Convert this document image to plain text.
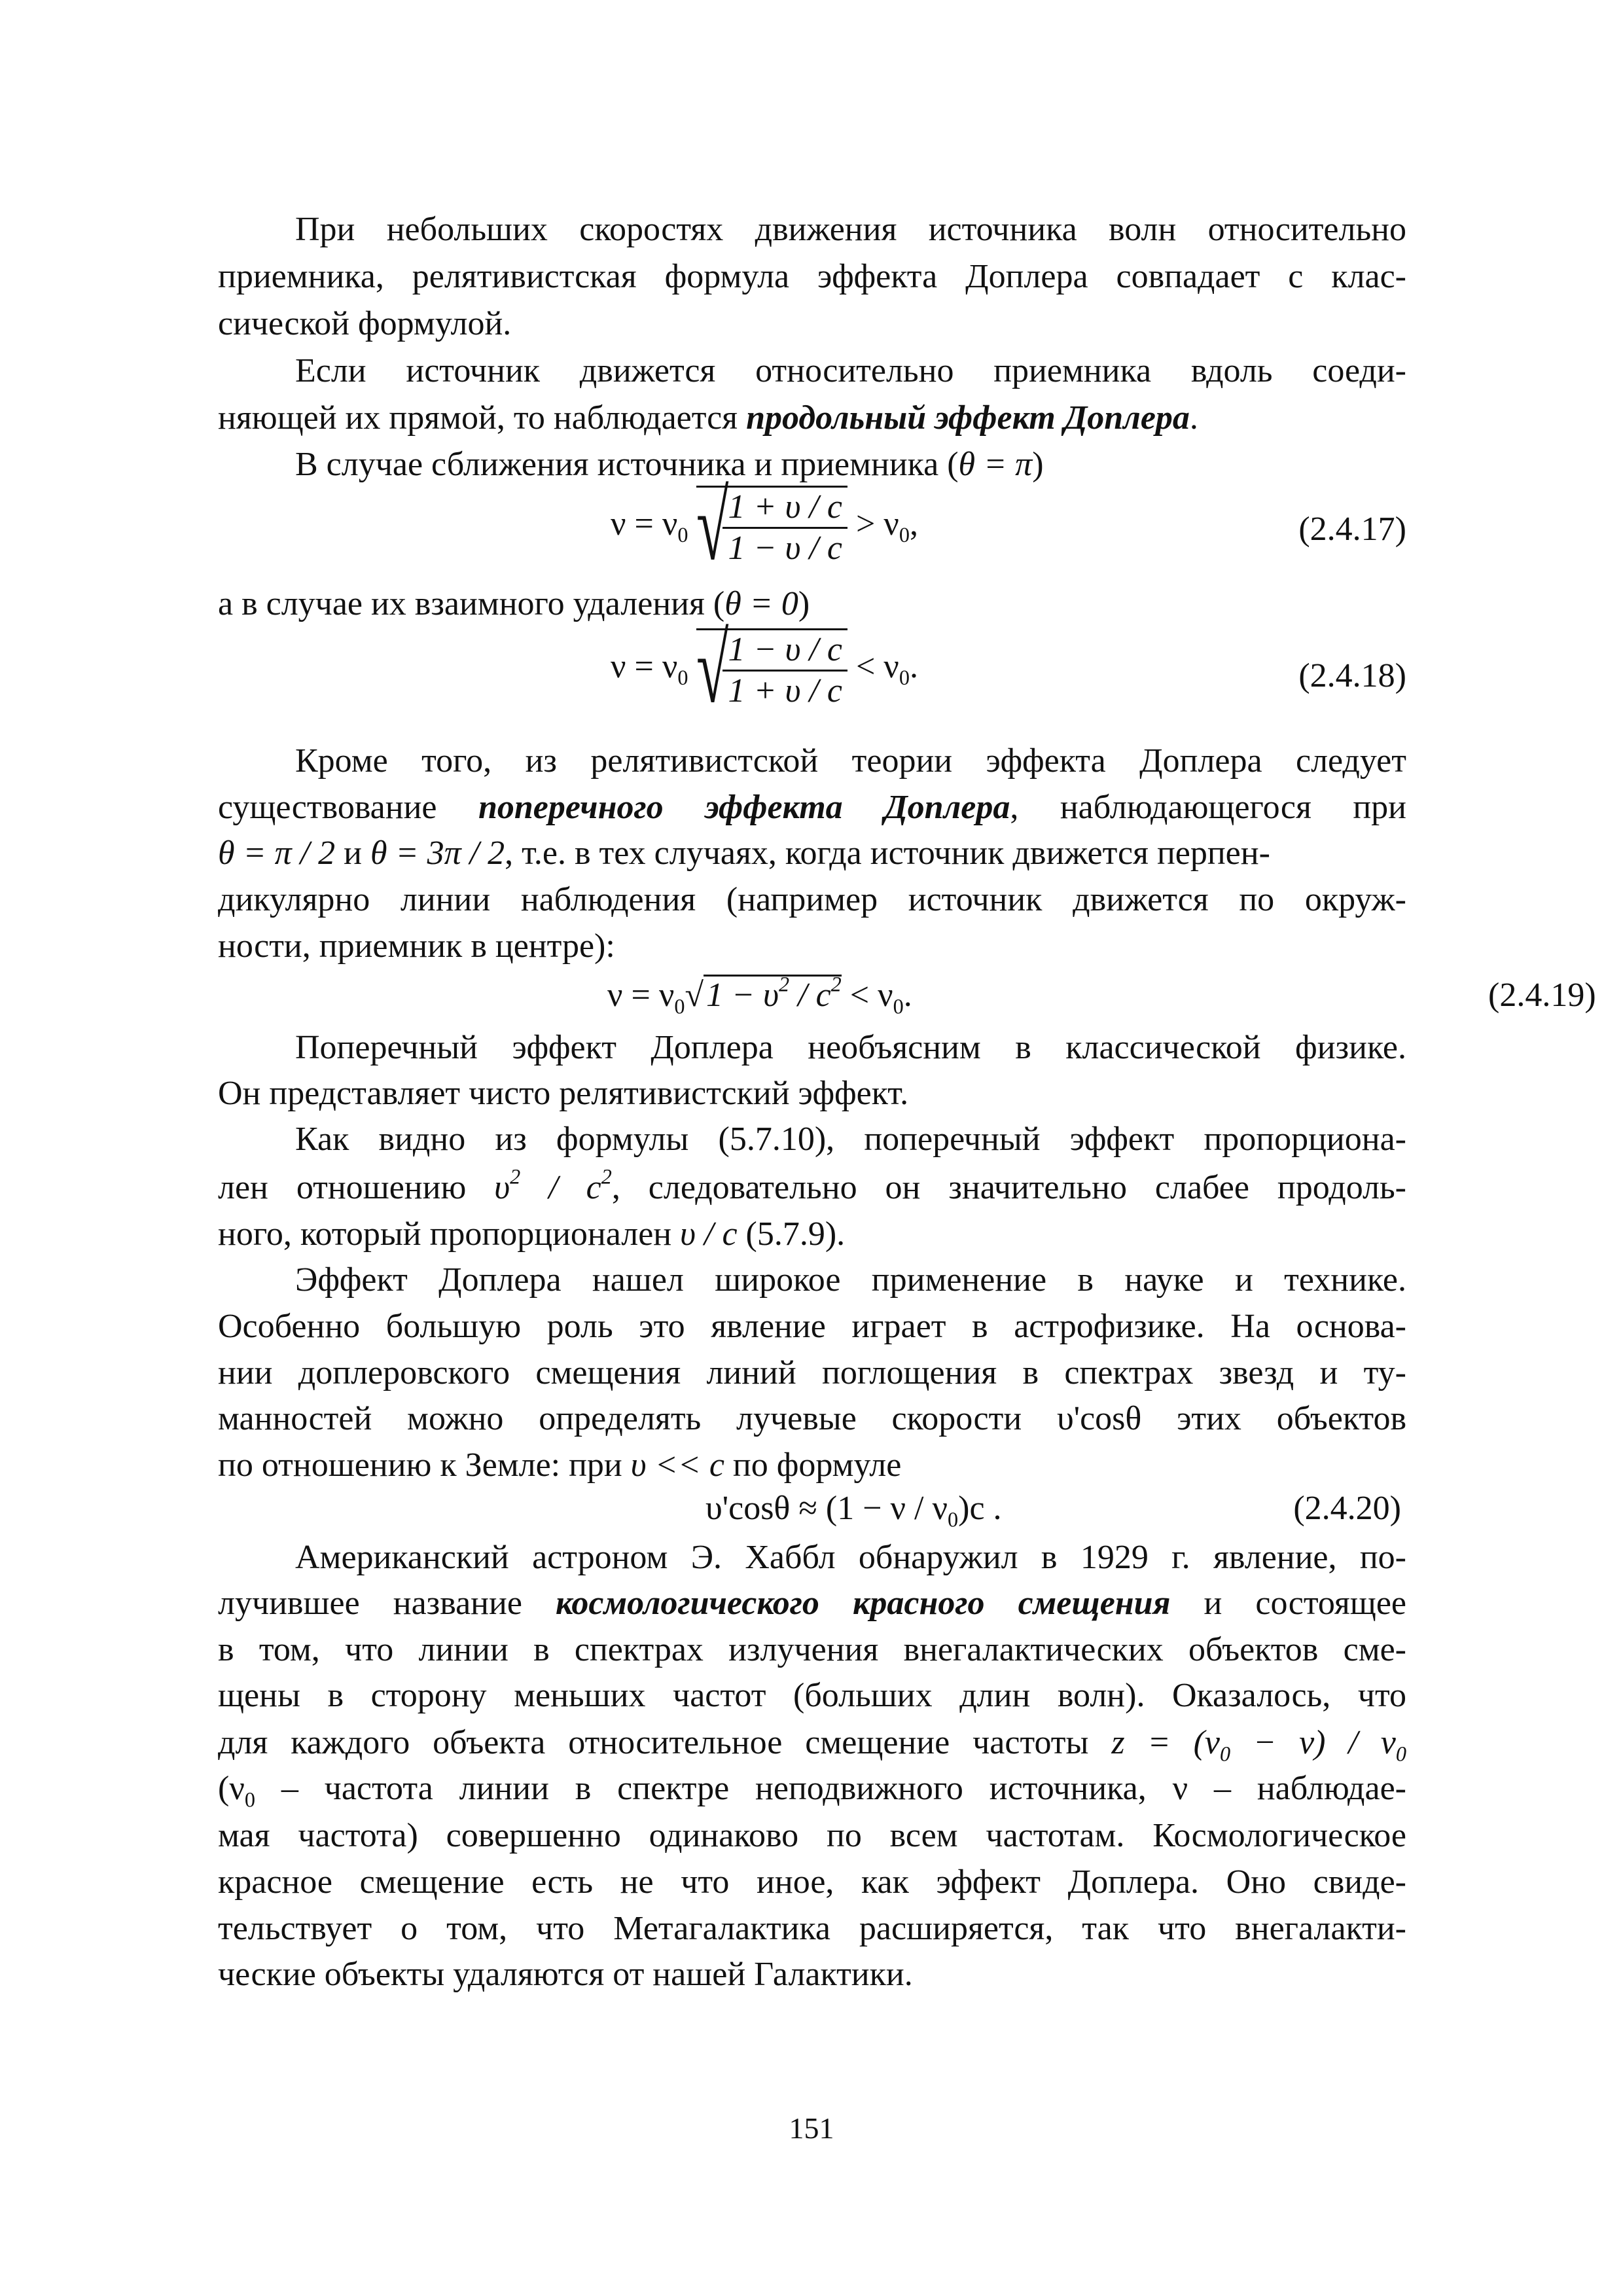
При небольших скоростях движения источника волн относительно
приемника, релятивистская формула эффекта Доплера совпадает с клас-
сической формулой.
Если источник движется относительно приемника вдоль соеди-
няющей их прямой, то наблюдается продольный эффект Доплера.
В случае сближения источника и приемника (θ = π)
$\nu = \nu_0$ √
$\frac{1 + \upsilon / c}{1 - \upsilon / c} > \nu_0$,	(2.4.17)
а в случае их взаимного удаления (θ = 0)
$\nu = \nu_0$ √
$\frac{1 - \upsilon / c}{1 + \upsilon / c} < \nu_0$.	(2.4.18)
Кроме того, из релятивистской теории эффекта Доплера следует
существование поперечного эффекта Доплера, наблюдающегося при
θ = π / 2 и θ = 3π / 2, т.е. в тех случаях, когда источник движется перпен-
дикулярно линии наблюдения (например источник движется по окруж-
ности, приемник в центре):
$\nu = \nu_0√1 - \upsilon^2 / c^2 < \nu_0$.	(2.4.19)
Поперечный эффект Доплера необъясним в классической физике.
Он представляет чисто релятивистский эффект.
Как видно из формулы (5.7.10), поперечный эффект пропорциона-
лен отношению $\upsilon^2 / c^2$, следовательно он значительно слабее продоль-
ного, который пропорционален υ / c (5.7.9).
Эффект Доплера нашел широкое применение в науке и технике.
Особенно большую роль это явление играет в астрофизике. На основа-
нии доплеровского смещения линий поглощения в спектрах звезд и ту-
манностей можно определять лучевые скорости υ'cosθ этих объектов
по отношению к Земле: при υ << c по формуле
$\upsilon'\cos\theta \approx (1 - \nu / \nu_0)c$ .	(2.4.20)
Американский астроном Э. Хаббл обнаружил в 1929 г. явление, по-
лучившее название космологического красного смещения и состоящее
в том, что линии в спектрах излучения внегалактических объектов сме-
щены в сторону меньших частот (больших длин волн). Оказалось, что
для каждого объекта относительное смещение частоты $z = (\nu_0 - \nu) / \nu_0$
($\nu_0$ – частота линии в спектре неподвижного источника, ν – наблюдае-
мая частота) совершенно одинаково по всем частотам. Космологическое
красное смещение есть не что иное, как эффект Доплера. Оно свиде-
тельствует о том, что Метагалактика расширяется, так что внегалакти-
ческие объекты удаляются от нашей Галактики.
151
